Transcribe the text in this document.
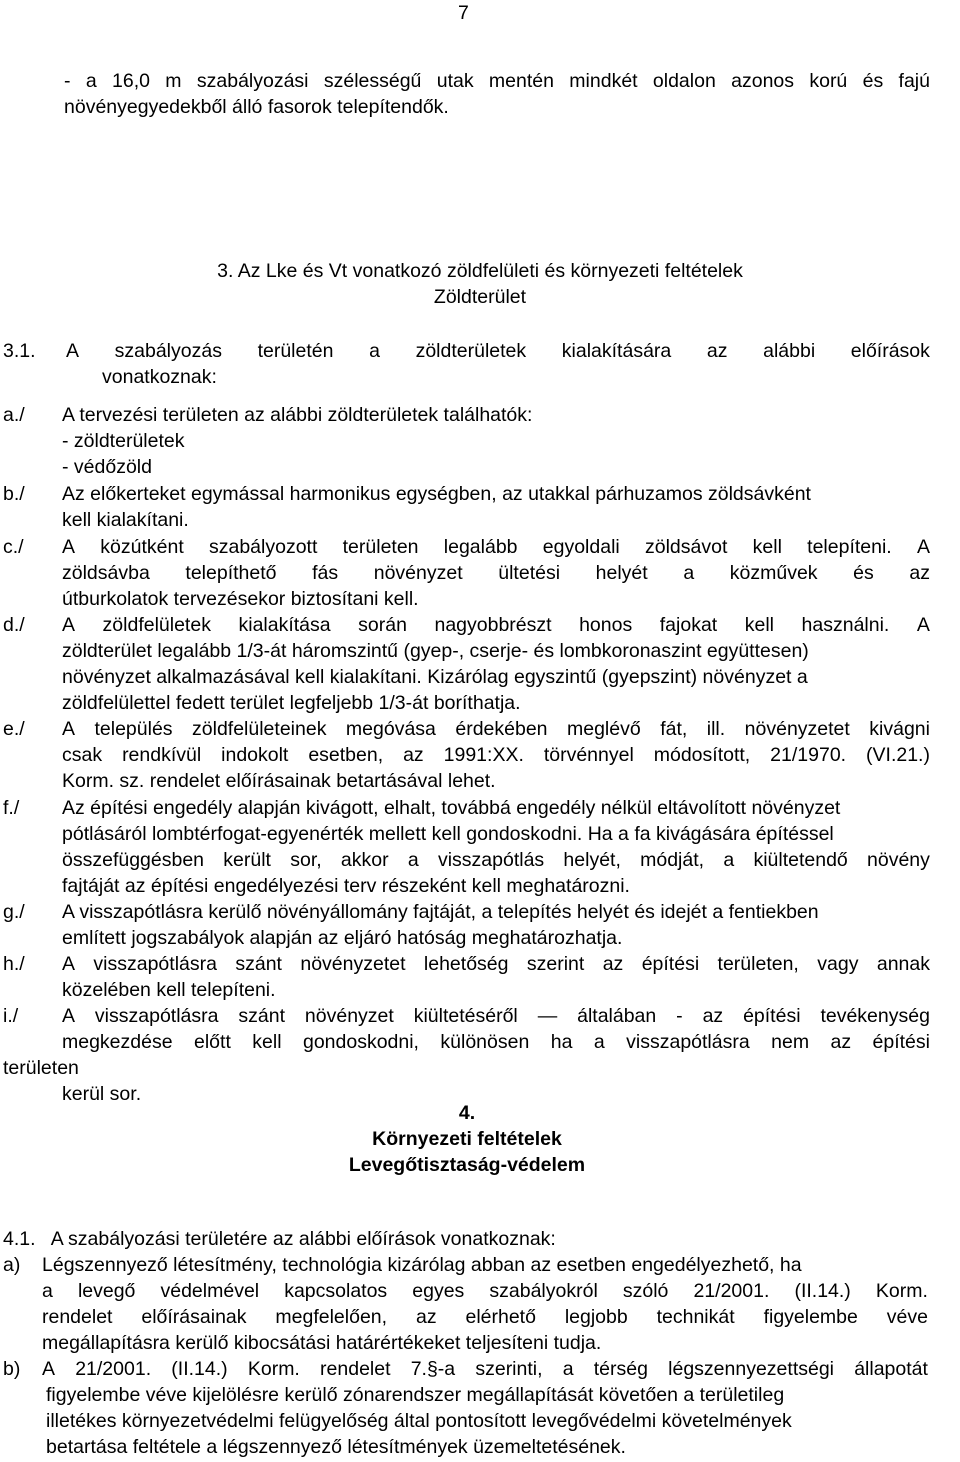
7
- a 16,0 m szabályozási szélességű utak mentén mindkét oldalon azonos korú és fajú
növényegyedekből álló fasorok telepítendők.
3. Az Lke és Vt vonatkozó zöldfelületi és környezeti feltételek
Zöldterület
3.1. A szabályozás területén a zöldterületek kialakítására az alábbi előírások
vonatkoznak:
a./ A tervezési területen az alábbi zöldterületek találhatók:
- zöldterületek
- védőzöld
b./ Az előkerteket egymással harmonikus egységben, az utakkal párhuzamos zöldsávként
kell kialakítani.
c./ A közútként szabályozott területen legalább egyoldali zöldsávot kell telepíteni. A
zöldsávba telepíthető fás növényzet ültetési helyét a közművek és az
útburkolatok tervezésekor biztosítani kell.
d./ A zöldfelületek kialakítása során nagyobbrészt honos fajokat kell használni. A
zöldterület legalább 1/3-át háromszintű (gyep-, cserje- és lombkoronaszint együttesen)
növényzet alkalmazásával kell kialakítani. Kizárólag egyszintű (gyepszint) növényzet a
zöldfelülettel fedett terület legfeljebb 1/3-át boríthatja.
e./ A település zöldfelületeinek megóvása érdekében meglévő fát, ill. növényzetet kivágni
csak rendkívül indokolt esetben, az 1991:XX. törvénnyel módosított, 21/1970. (VI.21.)
Korm. sz. rendelet előírásainak betartásával lehet.
f./ Az építési engedély alapján kivágott, elhalt, továbbá engedély nélkül eltávolított növényzet
pótlásáról lombtérfogat-egyenérték mellett kell gondoskodni. Ha a fa kivágására építéssel
összefüggésben került sor, akkor a visszapótlás helyét, módját, a kiültetendő növény
fajtáját az építési engedélyezési terv részeként kell meghatározni.
g./ A visszapótlásra kerülő növényállomány fajtáját, a telepítés helyét és idejét a fentiekben
említett jogszabályok alapján az eljáró hatóság meghatározhatja.
h./ A visszapótlásra szánt növényzetet lehetőség szerint az építési területen, vagy annak
közelében kell telepíteni.
i./ A visszapótlásra szánt növényzet kiültetéséről — általában - az építési tevékenység
megkezdése előtt kell gondoskodni, különösen ha a visszapótlásra nem az építési
területen
kerül sor.
4.
Környezeti feltételek
Levegőtisztaság-védelem
4.1.   A szabályozási területére az alábbi előírások vonatkoznak:
a) Légszennyező létesítmény, technológia kizárólag abban az esetben engedélyezhető, ha
a levegő védelmével kapcsolatos egyes szabályokról szóló 21/2001. (II.14.) Korm.
rendelet előírásainak megfelelően, az elérhető legjobb technikát figyelembe véve
megállapításra kerülő kibocsátási határértékeket teljesíteni tudja.
b) A 21/2001. (II.14.) Korm. rendelet 7.§-a szerinti, a térség légszennyezettségi állapotát
figyelembe véve kijelölésre kerülő zónarendszer megállapítását követően a területileg
illetékes környezetvédelmi felügyelőség által pontosított levegővédelmi követelmények
betartása feltétele a légszennyező létesítmények üzemeltetésének.
